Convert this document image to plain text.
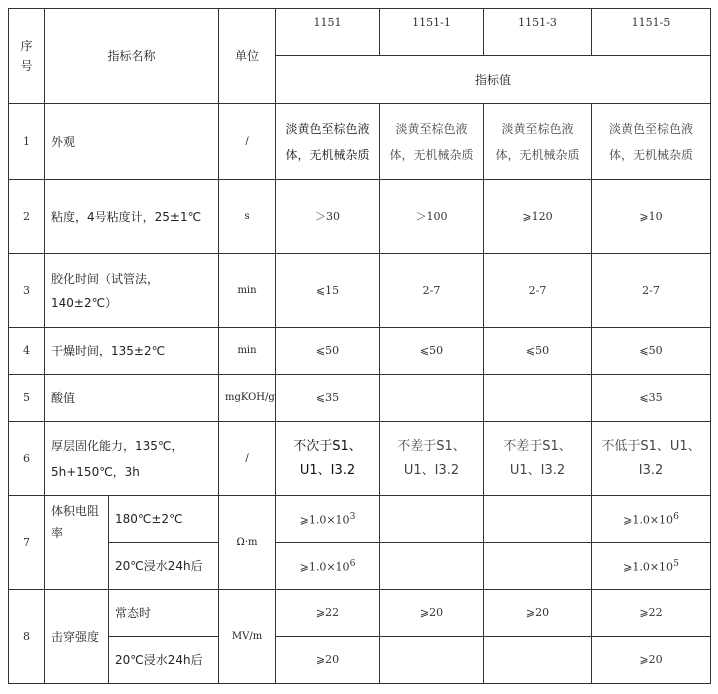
序号	指标名称		单位	1151	1151-1	1151-3	1151-5
				指标值			
1	外观		/	淡黄色至棕色液体，无机械杂质	淡黄至棕色液体，无机械杂质	淡黄至棕色液体，无机械杂质	淡黄色至棕色液体，无机械杂质
2	粘度，4号粘度计，25±1℃		s	＞30	＞100	⩾120	⩾10
3	胶化时间（试管法，140±2℃）		min	⩽15	2-7	2-7	2-7
4	干燥时间，135±2℃		min	⩽50	⩽50	⩽50	⩽50
5	酸值		mgKOH/g	⩽35			⩽35
6	厚层固化能力，135℃，5h+150℃，3h		/	不次于S1、U1、I3.2	不差于S1、U1、I3.2	不差于S1、U1、I3.2	不低于S1、U1、I3.2
7	体积电阻率	180℃±2℃	Ω·m	$⩾1.0\times 10^3$			$⩾1.0\times 10^6$
		20℃浸水24h后		$⩾1.0\times 10^6$			$⩾1.0\times 10^5$
8	击穿强度	常态时	MV/m	⩾22	⩾20	⩾20	⩾22
		20℃浸水24h后		⩾20			⩾20
